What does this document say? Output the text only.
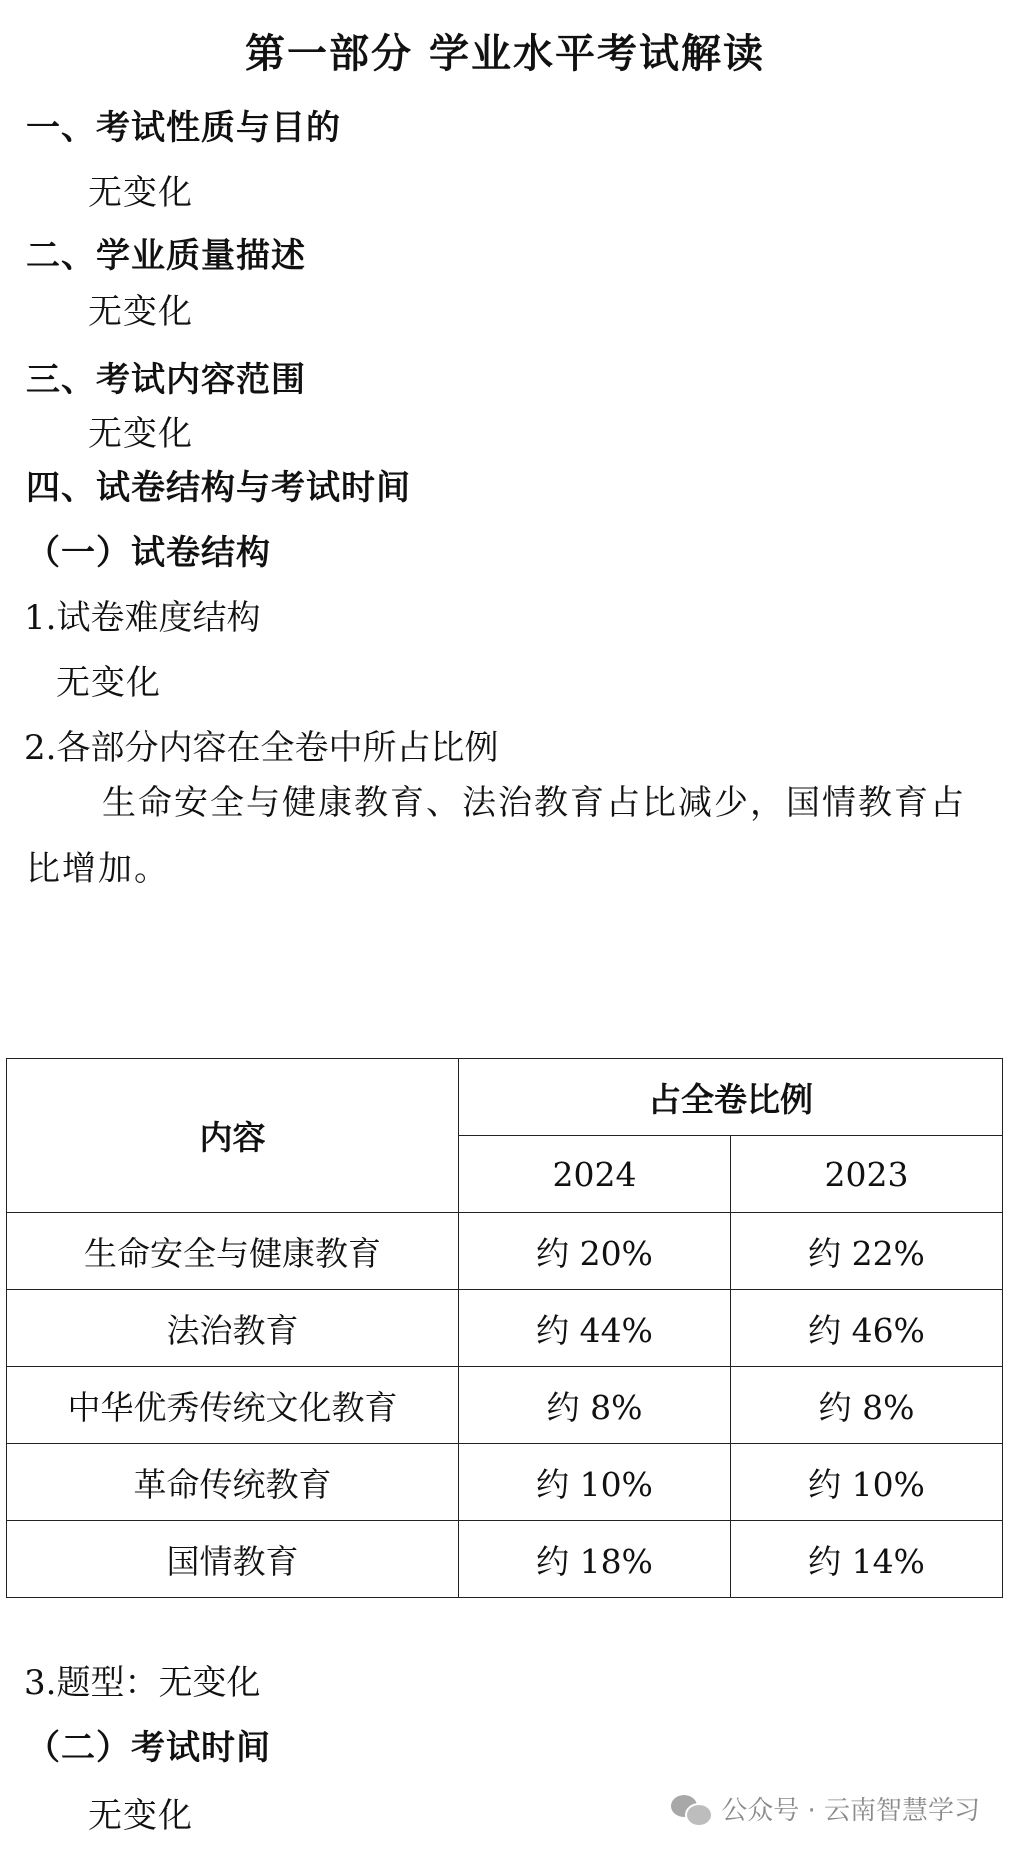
第一部分 学业水平考试解读
一、考试性质与目的
无变化
二、学业质量描述
无变化
三、考试内容范围
无变化
四、试卷结构与考试时间
（一）试卷结构
1.试卷难度结构
无变化
2.各部分内容在全卷中所占比例
生命安全与健康教育、法治教育占比减少，国情教育占比增加。
内容	占全卷比例	
	2024	2023
生命安全与健康教育	约 20%	约 22%
法治教育	约 44%	约 46%
中华优秀传统文化教育	约 8%	约 8%
革命传统教育	约 10%	约 10%
国情教育	约 18%	约 14%
3.题型：无变化
（二）考试时间
无变化	公众号 · 云南智慧学习
